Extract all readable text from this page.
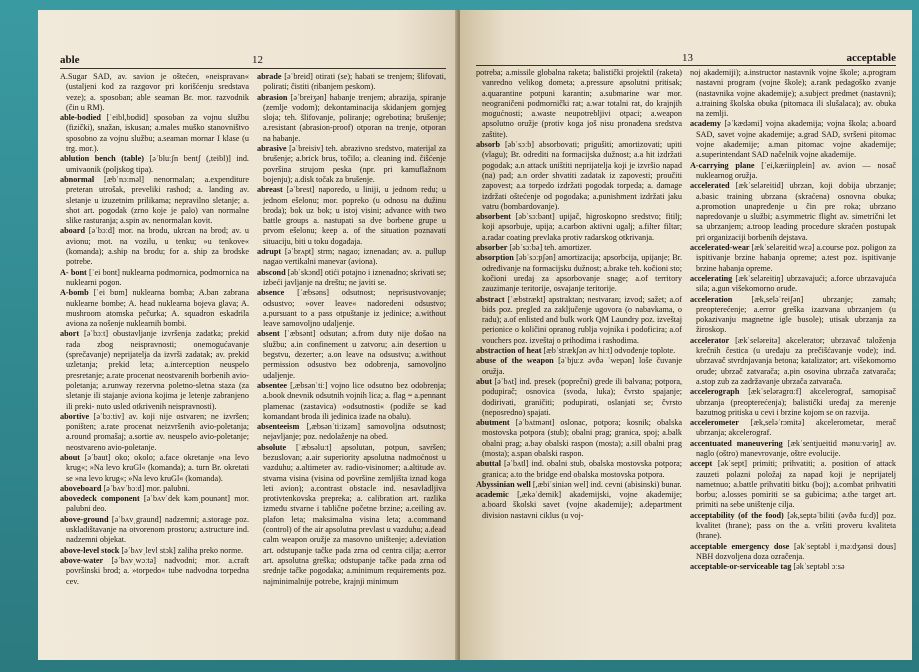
able	12

A.Sugar SAD, av. savion je oštećen, »neispravan« (ustaljeni kod za razgovor pri korišćenju sredstava veze); a. sposoban; able seaman Br. mor. razvodnik (čin u RM).

able-bodied [ˈeibl,bɒdid] sposoban za vojnu službu (fizički), snažan, iskusan; a.males muško stanovništvo sposobno za vojnu službu; a.seaman mornar I klase (u trg. mor.).

ablution bench (table) [əˈbluːʃn bentʃ (,teibl)] ind. umivaonik (poljskog tipa).

abnormal [æbˈnɔːməl] nenormalan; a.expenditure preteran utrošak, preveliki rashod; a. landing av. sletanje u izuzetnim prilikama; nepravilno sletanje; a. shot art. pogodak (zrno koje je palo) van normalne slike rasturanja; a.spin av. nenormalan kovit.

aboard [əˈbɔːd] mor. na brodu, ukrcan na brod; av. u avionu; mot. na vozilu, u tenku; »u tenkove« (komanda); a.ship na brodu; for a. ship za brodske potrebe.

A- bont [ˈei bont] nuklearna podmornica, podmornica na nuklearni pogon.

A-bomb [ˈei bɒm] nuklearna bomba; A.ban zabrana nuklearne bombe; A. head nuklearna bojeva glava; A. mushroom atomska pečurka; A. squadron eskadrila aviona za nošenje nuklearnih bombi.

abort [əˈbɔːt] obustavljanje izvršenja zadatka; prekid rada zbog neispravnosti; onemogućavanje (sprečavanje) neprijatelja da izvrši zadatak; av. prekid uzletanja; prekid leta; a.interception neuspelo presretanje; a.rate procenat neostvarenih borbenih avio-poletanja; a.runway rezervna poletno-sletna staza (za sletanje ili stajanje aviona kojima je letenje zabranjeno ili preki- nuto usled otkrivenih neispravnosti).

abortive [əˈbɔːtiv] av. koji nije ostvaren; ne izvršen; poništen; a.rate procenat neizvršenih avio-poletanja; a.round promašaj; a.sortie av. neuspelo avio-poletanje; neostvareno avio-poletanje.

about [əˈbaut] oko; okolo; a.face okretanje »na levo krug«; »Na levo kruGl« (komanda); a. turn Br. okretati se »na levo krug«; »Na levo kruGl« (komanda).

aboveboard [əˈbʌvˈbɔːd] mor. palubni.

abovedeck component [əˈbʌvˈdek kəmˌpounənt] mor. palubni deo.

above-ground [əˈbʌvˌgraund] nadzemni; a.storage poz. uskladištavanje na otvorenom prostoru; a.structure ind. nadzemni objekat.

above-level stock [əˈbʌvˌlevl stɔk] zaliha preko norme.

above-water [əˈbʌvˌwɔːtə] nadvodni; mor. a.craft površinski brod; a. »torpedo« tube nadvodna torpedna cev.

abrade [əˈbreid] otirati (se); habati se trenjem; šlifovati, polirati; čistiti (ribanjem peskom).

abrasion [əˈbreiʒən] habanje trenjem; abrazija, spiranje (zemlje vodom); dekontaminacija skidanjem gornjeg sloja; teh. šlifovanje, poliranje; ogrebotina; brušenje; a.resistant (abrasion-proof) otporan na trenje, otporan na habanje.

abrasive [əˈbreisiv] teh. abrazivno sredstvo, materijal za brušenje; a.brick brus, točilo; a. cleaning ind. čišćenje površina strujom peska (npr. pri kamuflažnom bojenju); a.disk točak za brušenje.

abreast [əˈbrest] naporedo, u liniji, u jednom redu; u jednom ešelonu; mor. popreko (u odnosu na dužinu broda); bok uz bok; u istoj visini; advance with two battle groups a. nastupati sa dve borbene grupe u prvom ešelonu; keep a. of the situation poznavati situaciju, biti u toku događaja.

adrupt [əˈbrʌpt] strm; nagao; iznenadan; av. a. pullup nagao vertikalni manevar (aviona).

abscond [əbˈskɔnd] otići potajno i iznenadno; skrivati se; izbeći javljanje na dreštu; ne javiti se.

absence [ˈæbsəns] odsutnost; neprisustvovanje; odsustvo; »over leave« nadoredeni odsustvo; a.pursuant to a pass otpuštanje iz jedinice; a.without leave samovoljno udaljenje.

absent [ˈæbsənt] odsutan; a.from duty nije došao na službu; a.in confinement u zatvoru; a.in desertion u begstvu, dezerter; a.on leave na odsustvu; a.without permission odsustvo bez odobrenja, samovoljno udaljenje.

absentee [,æbsənˈtiː] vojno lice odsutno bez odobrenja; a.book dnevnik odsutnih vojnih lica; a. flag = a.pennant plamenac (zastavica) »odsutnosti« (podiže se kad komandant broda ili jedinica izađe na obalu).

absenteeism [,æbsənˈtiːizəm] samovoljna odsutnost; nejavljanje; poz. nedolaženje na obed.

absolute [ˈæbsəluːt] apsolutan, potpun, savršen; bezuslovan; a.air superiority apsolutna nadmoćnost u vazduhu; a.altimeter av. radio-visinomer; a.altitude av. stvarna visina (visina od površine zemljišta iznad koga leti avion); a.contrast obstacle ind. nesavladljiva protivtenkovska prepreka; a. calibration art. razlika između stvarne i tablične početne brzine; a.ceiling av. plafon leta; maksimalna visina leta; a.command (control) of the air apsolutna prevlast u vazduhu; a.dead calm weapon oružje za masovno uništenje; a.deviation art. odstupanje tačke pada zrna od centra cilja; a.error art. apsolutna greška; odstupanje tačke pada zrna od srednje tačke pogodaka; a.minimum requirements poz. najminimalnije potrebe, krajnji minimum

13	acceptable

potreba; a.missile globalna raketa; balistički projektil (raketa) vanredno velikog dometa; a.pressure apsolutni pritisak; a.quarantine potpuni karantin; a.submarine war mor. neograničeni podmornički rat; a.war totalni rat, do krajnjih mogućnosti; a.waste neupotrebljivi otpaci; a.weapon apsolutno oružje (protiv koga još nisu pronađena sredstva zaštite).

absorb [əbˈsɔːb] absorbovati; prigušiti; amortizovati; upiti (vlagu); Br. odrediti na formacijska dužnost; a.a hit izdržati pogodak; a.n attack uništiti neprijatelja koji je izvršio napad (na) pad; a.n order shvatiti zadatak iz zapovesti; proučiti zapovest; a.a torpedo izdržati pogodak torpeda; a. damage izdržati oštećenje od pogodaka; a.punishment izdržati jaku vatru (bombardovanje).

absorbent [əbˈsɔːbənt] upijač, higroskopno sredstvo; fitilj; koji apsorbuje, upija; a.carbon aktivni ugalj; a.filter filtar; a.radar coating prevlaka protiv radarskog otkrivanja.

absorber [əbˈsɔːbə] teh. amortizer.

absorption [əbˈsɔːpʃən] amortizacija; apsorbcija, upijanje; Br. određivanje na formacijsku dužnost; a.brake teh. kočioni sto; kočioni uređaj za apsorbovanje snage; a.of territory zauzimanje teritorije, osvajanje teritorije.

abstract [ˈæbstrækt] apstraktan; nestvaran; izvod; sažet; a.of bids poz. pregled za zaključenje ugovora (o nabavkama, o radu); a.of enlisted and bulk work QM Laundry poz. izveštaj perionice o količini opranog rublja vojnika i podoficira; a.of vouchers poz. izveštaj o prihodima i rashodima.

abstraction of heat [æbˈstrækʃən əv hiːt] odvođenje toplote.

abuse of the weapon [əˈbjuːz əvðə ˈwepən] loše čuvanje oružja.

abut [əˈbʌt] ind. presek (poprečni) grede ili balvana; potpora, podupirač; osnovica (svoda, luka); čvrsto spajanje; dodirivati, graničiti; podupirati, oslanjati se; čvrsto (neposredno) spajati.

abutment [əˈbʌtmənt] oslonac, potpora; kosnik; obalska mostovska potpora (stub); obalni prag; granica, spoj; a.balk obalni prag; a.bay obalski raspon (mosta); a.sill obalni prag (mosta); a.span obalski raspon.

abuttal [əˈbʌtl] ind. obalni stub, obalska mostovska potpora; granica; a.to the bridge end obalska mostovska potpora.

Abyssinian well [,æbiˈsiniən wel] ind. cevni (abisinski) bunar.

academic [,ækəˈdemik] akademijski, vojne akademije; a.board školski savet (vojne akademije); a.department division nastavni ciklus (u voj-

noj akademiji); a.instructor nastavnik vojne škole; a.program nastavni program (vojne škole); a.rank pedagoško zvanje (nastavnika vojne akademije); a.subject predmet (nastavni); a.training školska obuka (pitomaca ili slušalaca); av. obuka na zemlji.

academy [əˈkædəmi] vojna akademija; vojna škola; a.board SAD, savet vojne akademije; a.grad SAD, svršeni pitomac vojne akademije; a.man pitomac vojne akademije; a.superintendant SAD načelnik vojne akademije.

A-carrying plane [ˈei,kæriiŋplein] av. avion — nosač nuklearnog oružja.

accelerated [ækˈseləreitid] ubrzan, koji dobija ubrzanje; a.basic training ubrzana (skraćena) osnovna obuka; a.promotion unapređenje u čin pre roka; ubrzano napredovanje u službi; a.symmetric flight av. simetrični let sa ubrzanjem; a.troop leading procedure skraćen postupak pri organizaciji borbenih dejstava.

accelerated-wear [ækˈseləreitid wɛə] a.course poz. poligon za ispitivanje brzine habanja opreme; a.test poz. ispitivanje brzine habanja opreme.

accelerating [ækˈseləreitiŋ] ubrzavajući; a.force ubrzavajuća sila; a.gun višekomorno oruđe.

acceleration [æk,seləˈreiʃən] ubrzanje; zamah; preopterećenje; a.error greška izazvana ubrzanjem (u pokazivanju magnetne igle busole); utisak ubrzanja za žiroskop.

accelerator [ækˈseləreitə] akcelerator; ubrzavač taloženja krečnih čestica (u uređaju za prečišćavanje vode); ind. ubrzavač stvrdnjavanja betona; katalizator; art. višekomorno oruđe; ubrzač zatvarača; a.pin osovina ubrzača zatvarača; a.stop zub za zadržavanje ubrzača zatvarača.

accelerograph [ækˈselərəgrɑːf] akcelerograf, samopisač ubrzanja (preopterećenja); balistički uređaj za merenje bazutnog pritiska u cevi i brzine kojom se on razvija.

accelerometer [æk,seləˈrɔmitə] akcelerometar, merač ubrzanja; akcelerograf.

accentuated maneuvering [ækˈsentjueitid mənuːvəriŋ] av. naglo (oštro) manevrovanje, oštre evolucije.

accept [əkˈsept] primiti; prihvatiti; a. position of attack zauzeti polazni položaj za napad koji je neprijatelj nametnuo; a.battle prihvatiti bitku (boj); a.combat prihvatiti borbu; a.losses pomiriti se sa gubicima; a.the target art. primiti na sebe uništenje cilja.

acceptability (of the food) [ək,septəˈbiliti (əvðə fuːd)] poz. kvalitet (hrane); pass on the a. vršiti proveru kvaliteta (hrane).

acceptable emergency dose [əkˈseptəbl iˌməːdʒənsi dous] NBH dozvoljena doza ozračenja.

acceptable-or-serviceable tag [əkˈseptəbl ɔːsə
